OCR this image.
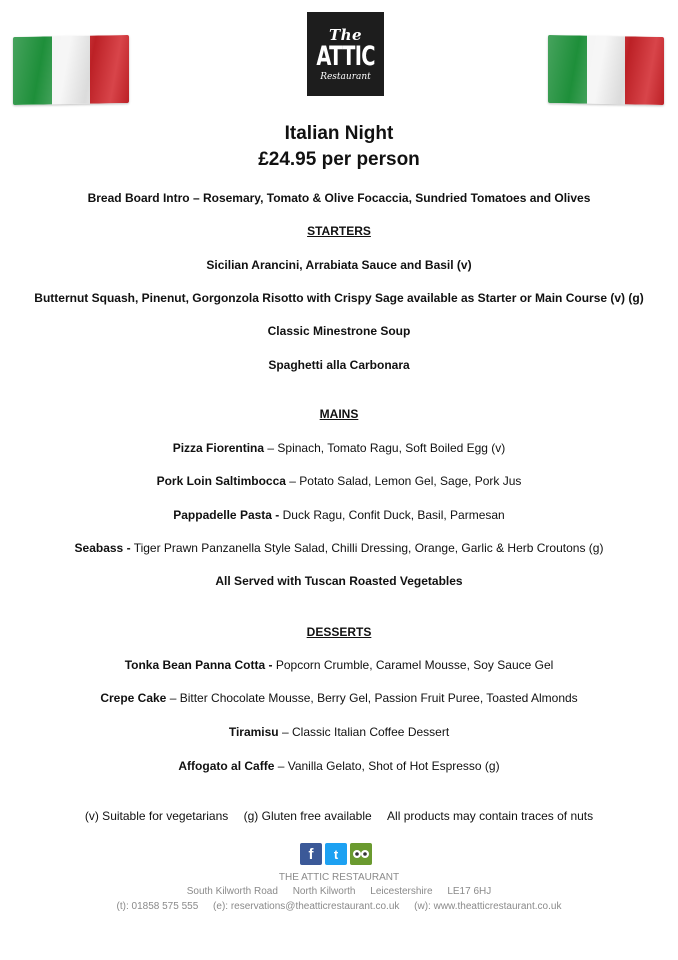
The
ATTIC
Restaurant
Italian Night
£24.95 per person
Bread Board Intro – Rosemary, Tomato & Olive Focaccia, Sundried Tomatoes and Olives
STARTERS
Sicilian Arancini, Arrabiata Sauce and Basil (v)
Butternut Squash, Pinenut, Gorgonzola Risotto with Crispy Sage available as Starter or Main Course (v) (g)
Classic Minestrone Soup
Spaghetti alla Carbonara
MAINS
Pizza Fiorentina – Spinach, Tomato Ragu, Soft Boiled Egg (v)
Pork Loin Saltimbocca – Potato Salad, Lemon Gel, Sage, Pork Jus
Pappadelle Pasta - Duck Ragu, Confit Duck, Basil, Parmesan
Seabass - Tiger Prawn Panzanella Style Salad, Chilli Dressing, Orange, Garlic & Herb Croutons (g)
All Served with Tuscan Roasted Vegetables
DESSERTS
Tonka Bean Panna Cotta - Popcorn Crumble, Caramel Mousse, Soy Sauce Gel
Crepe Cake – Bitter Chocolate Mousse, Berry Gel, Passion Fruit Puree, Toasted Almonds
Tiramisu – Classic Italian Coffee Dessert
Affogato al Caffe – Vanilla Gelato, Shot of Hot Espresso (g)
(v) Suitable for vegetarians (g) Gluten free available All products may contain traces of nuts
f	t
THE ATTIC RESTAURANT
South Kilworth Road North Kilworth Leicestershire LE17 6HJ
(t): 01858 575 555 (e): reservations@theatticrestaurant.co.uk (w): www.theatticrestaurant.co.uk
